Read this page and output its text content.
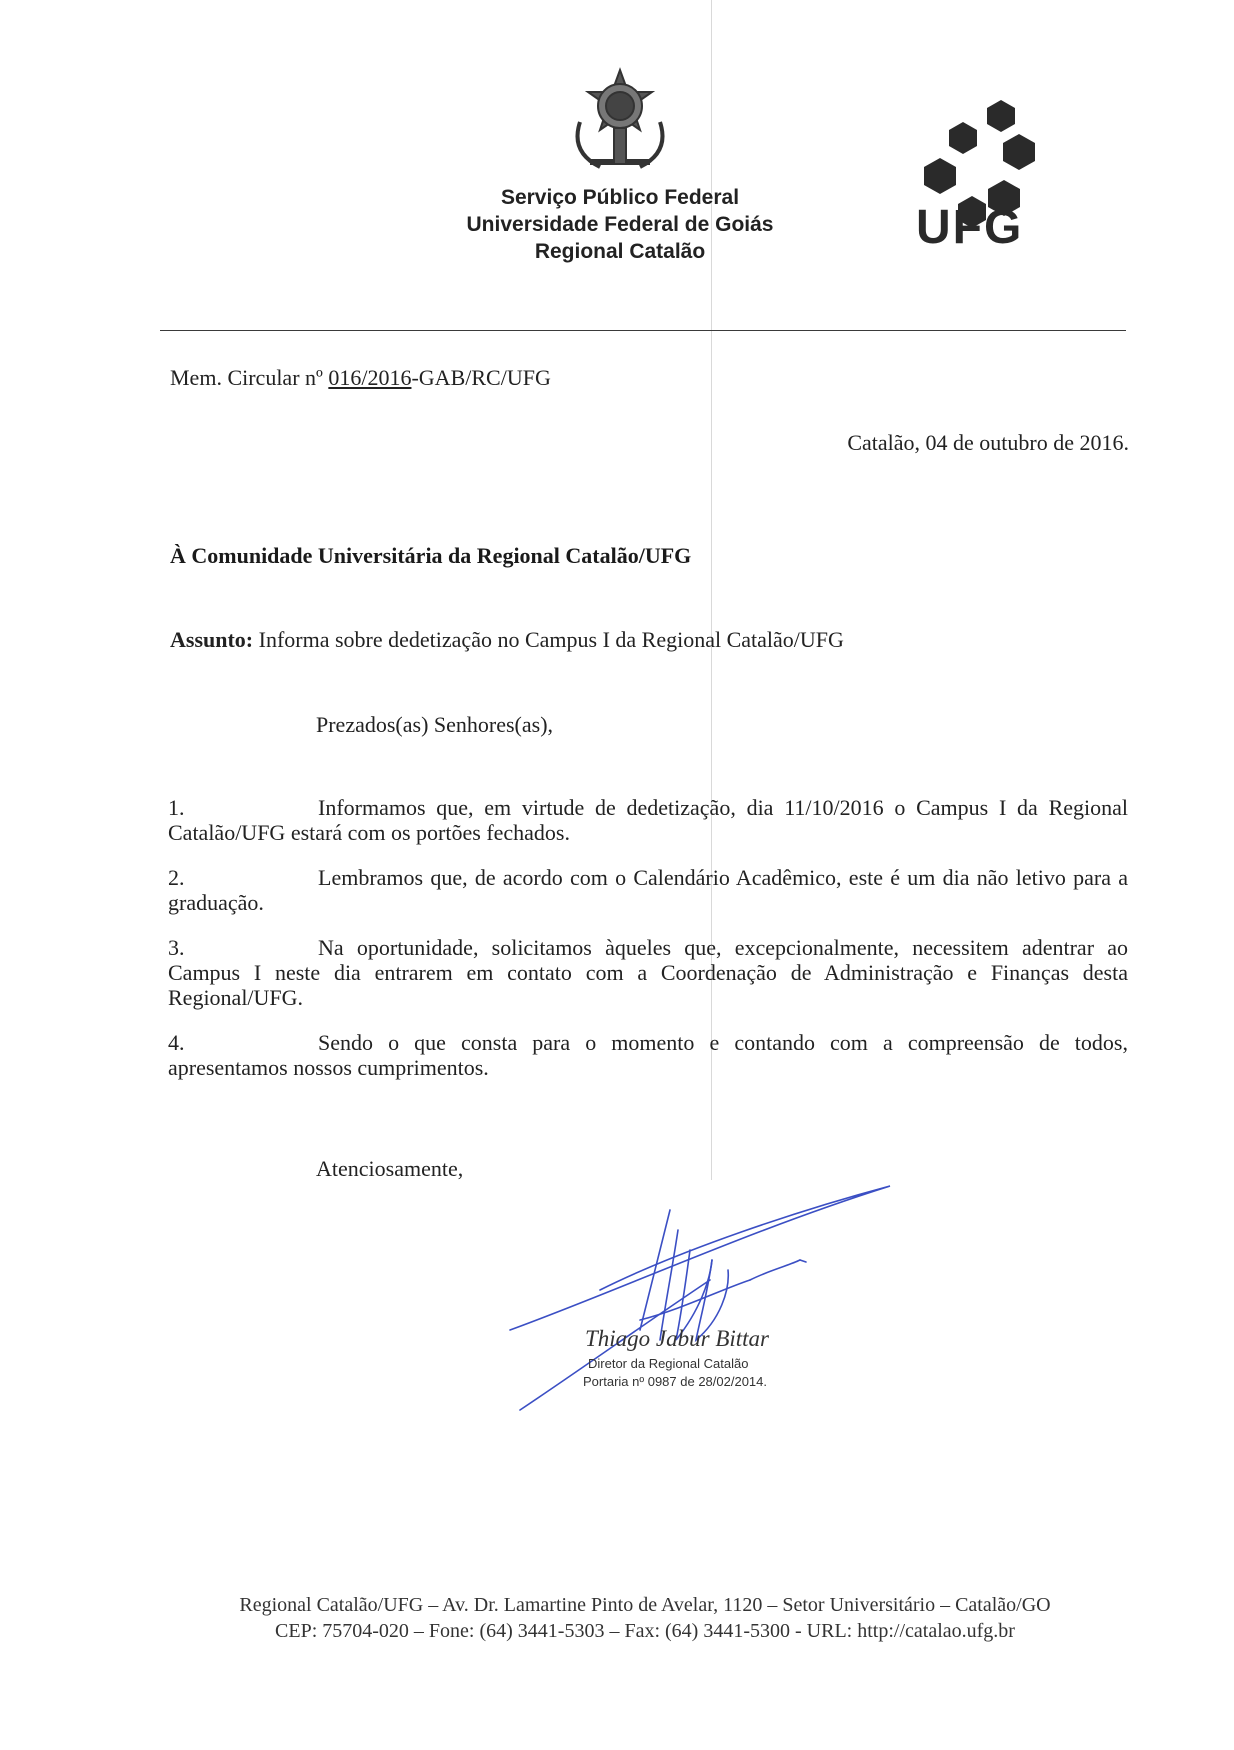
Serviço Público Federal
Universidade Federal de Goiás
Regional Catalão	UFG
Mem. Circular nº 016/2016-GAB/RC/UFG
Catalão, 04 de outubro de 2016.
À Comunidade Universitária da Regional Catalão/UFG
Assunto: Informa sobre dedetização no Campus I da Regional Catalão/UFG
Prezados(as) Senhores(as),

1.	Informamos que, em virtude de dedetização, dia 11/10/2016 o Campus I da Regional Catalão/UFG estará com os portões fechados.

2.	Lembramos que, de acordo com o Calendário Acadêmico, este é um dia não letivo para a graduação.

3.	Na oportunidade, solicitamos àqueles que, excepcionalmente, necessitem adentrar ao Campus I neste dia entrarem em contato com a Coordenação de Administração e Finanças desta Regional/UFG.

4.	Sendo o que consta para o momento e contando com a compreensão de todos, apresentamos nossos cumprimentos.

Atenciosamente,
Thiago Jabur Bittar
Diretor da Regional Catalão
Portaria nº 0987 de 28/02/2014.
Regional Catalão/UFG – Av. Dr. Lamartine Pinto de Avelar, 1120 – Setor Universitário – Catalão/GO
CEP: 75704-020 – Fone: (64) 3441-5303 – Fax: (64) 3441-5300 - URL: http://catalao.ufg.br
